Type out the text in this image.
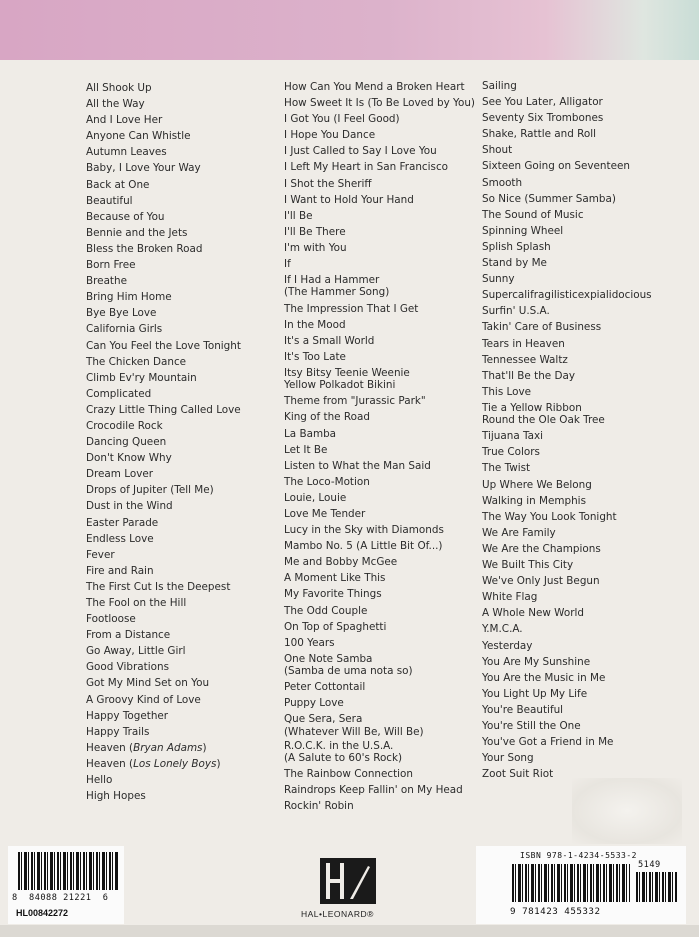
All Shook Up
All the Way
And I Love Her
Anyone Can Whistle
Autumn Leaves
Baby, I Love Your Way
Back at One
Beautiful
Because of You
Bennie and the Jets
Bless the Broken Road
Born Free
Breathe
Bring Him Home
Bye Bye Love
California Girls
Can You Feel the Love Tonight
The Chicken Dance
Climb Ev'ry Mountain
Complicated
Crazy Little Thing Called Love
Crocodile Rock
Dancing Queen
Don't Know Why
Dream Lover
Drops of Jupiter (Tell Me)
Dust in the Wind
Easter Parade
Endless Love
Fever
Fire and Rain
The First Cut Is the Deepest
The Fool on the Hill
Footloose
From a Distance
Go Away, Little Girl
Good Vibrations
Got My Mind Set on You
A Groovy Kind of Love
Happy Together
Happy Trails
Heaven (Bryan Adams)
Heaven (Los Lonely Boys)
Hello
High Hopes
How Can You Mend a Broken Heart
How Sweet It Is (To Be Loved by You)
I Got You (I Feel Good)
I Hope You Dance
I Just Called to Say I Love You
I Left My Heart in San Francisco
I Shot the Sheriff
I Want to Hold Your Hand
I'll Be
I'll Be There
I'm with You
If
If I Had a Hammer
(The Hammer Song)
The Impression That I Get
In the Mood
It's a Small World
It's Too Late
Itsy Bitsy Teenie Weenie
Yellow Polkadot Bikini
Theme from "Jurassic Park"
King of the Road
La Bamba
Let It Be
Listen to What the Man Said
The Loco-Motion
Louie, Louie
Love Me Tender
Lucy in the Sky with Diamonds
Mambo No. 5 (A Little Bit Of...)
Me and Bobby McGee
A Moment Like This
My Favorite Things
The Odd Couple
On Top of Spaghetti
100 Years
One Note Samba
(Samba de uma nota so)
Peter Cottontail
Puppy Love
Que Sera, Sera
(Whatever Will Be, Will Be)
R.O.C.K. in the U.S.A.
(A Salute to 60's Rock)
The Rainbow Connection
Raindrops Keep Fallin' on My Head
Rockin' Robin
Sailing
See You Later, Alligator
Seventy Six Trombones
Shake, Rattle and Roll
Shout
Sixteen Going on Seventeen
Smooth
So Nice (Summer Samba)
The Sound of Music
Spinning Wheel
Splish Splash
Stand by Me
Sunny
Supercalifragilisticexpialidocious
Surfin' U.S.A.
Takin' Care of Business
Tears in Heaven
Tennessee Waltz
That'll Be the Day
This Love
Tie a Yellow Ribbon
Round the Ole Oak Tree
Tijuana Taxi
True Colors
The Twist
Up Where We Belong
Walking in Memphis
The Way You Look Tonight
We Are Family
We Are the Champions
We Built This City
We've Only Just Begun
White Flag
A Whole New World
Y.M.C.A.
Yesterday
You Are My Sunshine
You Are the Music in Me
You Light Up My Life
You're Beautiful
You're Still the One
You've Got a Friend in Me
Your Song
Zoot Suit Riot
8  84088 21221  6
HL00842272	HAL•LEONARD®
ISBN 978-1-4234-5533-2
5149
9 781423 455332
